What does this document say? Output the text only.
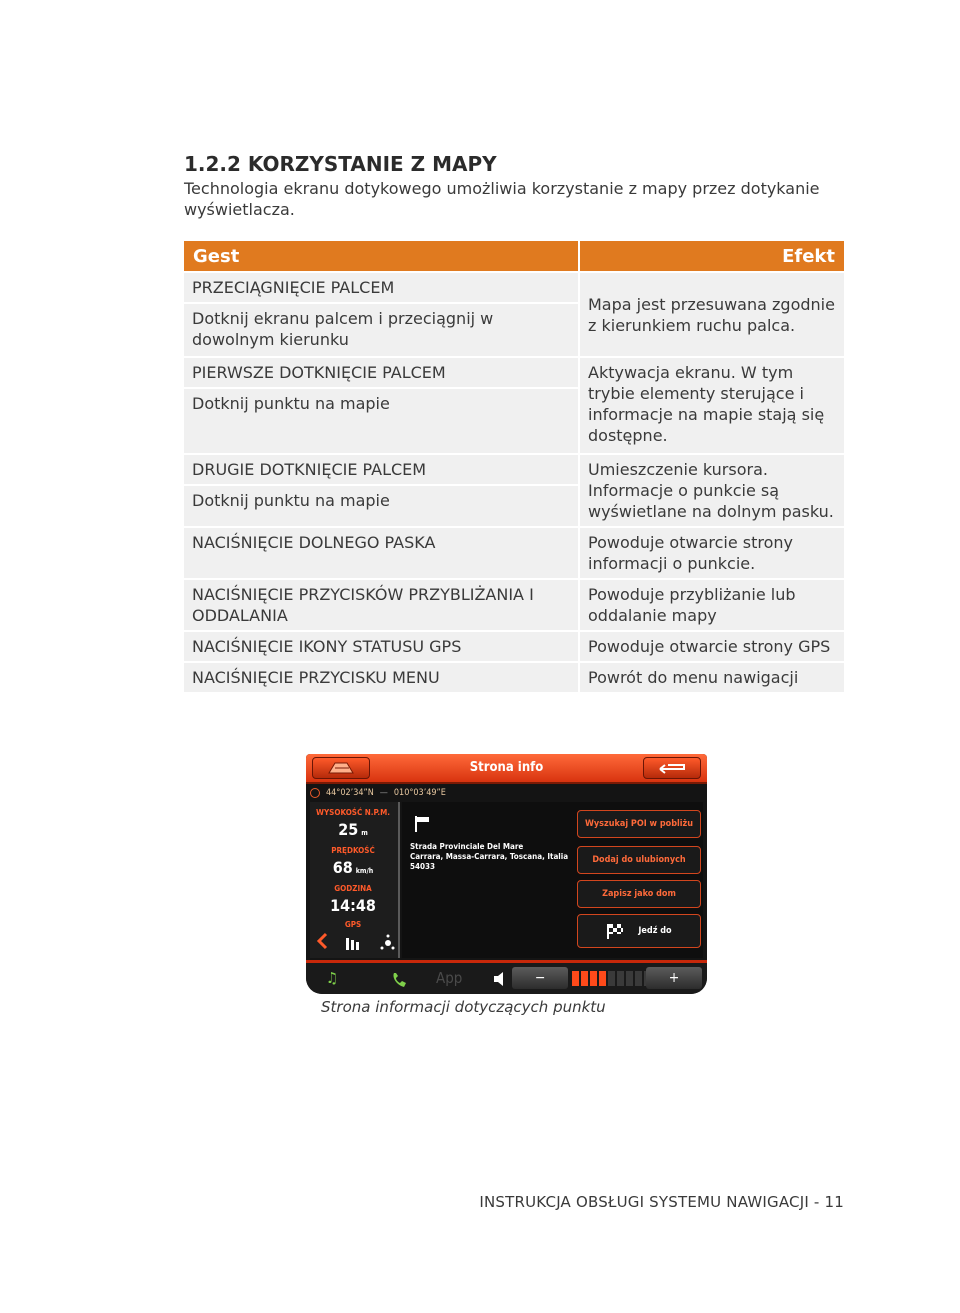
1.2.2 KORZYSTANIE Z MAPY

Technologia ekranu dotykowego umożliwia korzystanie z mapy przez dotykanie wyświetlacza.

Gest	Efekt
PRZECIĄGNIĘCIE PALCEM	Mapa jest przesuwana zgodnie z kierunkiem ruchu palca.
Dotknij ekranu palcem i przeciągnij w dowolnym kierunku	
PIERWSZE DOTKNIĘCIE PALCEM	Aktywacja ekranu. W tym trybie elementy sterujące i informacje na mapie stają się dostępne.
Dotknij punktu na mapie	
DRUGIE DOTKNIĘCIE PALCEM	Umieszczenie kursora. Informacje o punkcie są wyświetlane na dolnym pasku.
Dotknij punktu na mapie	
NACIŚNIĘCIE DOLNEGO PASKA	Powoduje otwarcie strony informacji o punkcie.
NACIŚNIĘCIE PRZYCISKÓW PRZYBLIŻANIA I ODDALANIA	Powoduje przybliżanie lub oddalanie mapy
NACIŚNIĘCIE IKONY STATUSU GPS	Powoduje otwarcie strony GPS
NACIŚNIĘCIE PRZYCISKU MENU	Powrót do menu nawigacji
Strona info
44°02’34”N — 010°03’49”E
WYSOKOŚĆ N.P.M.
25 m
PRĘDKOŚĆ
68 km/h
GODZINA
14:48
GPS
Strada Provinciale Del Mare
Carrara, Massa-Carrara, Toscana, Italia
54033
Wyszukaj POI w pobliżu
Dodaj do ulubionych
Zapisz jako dom
Jedź do
♫	App	−	+

Strona informacji dotyczących punktu

INSTRUKCJA OBSŁUGI SYSTEMU NAWIGACJI - 11
